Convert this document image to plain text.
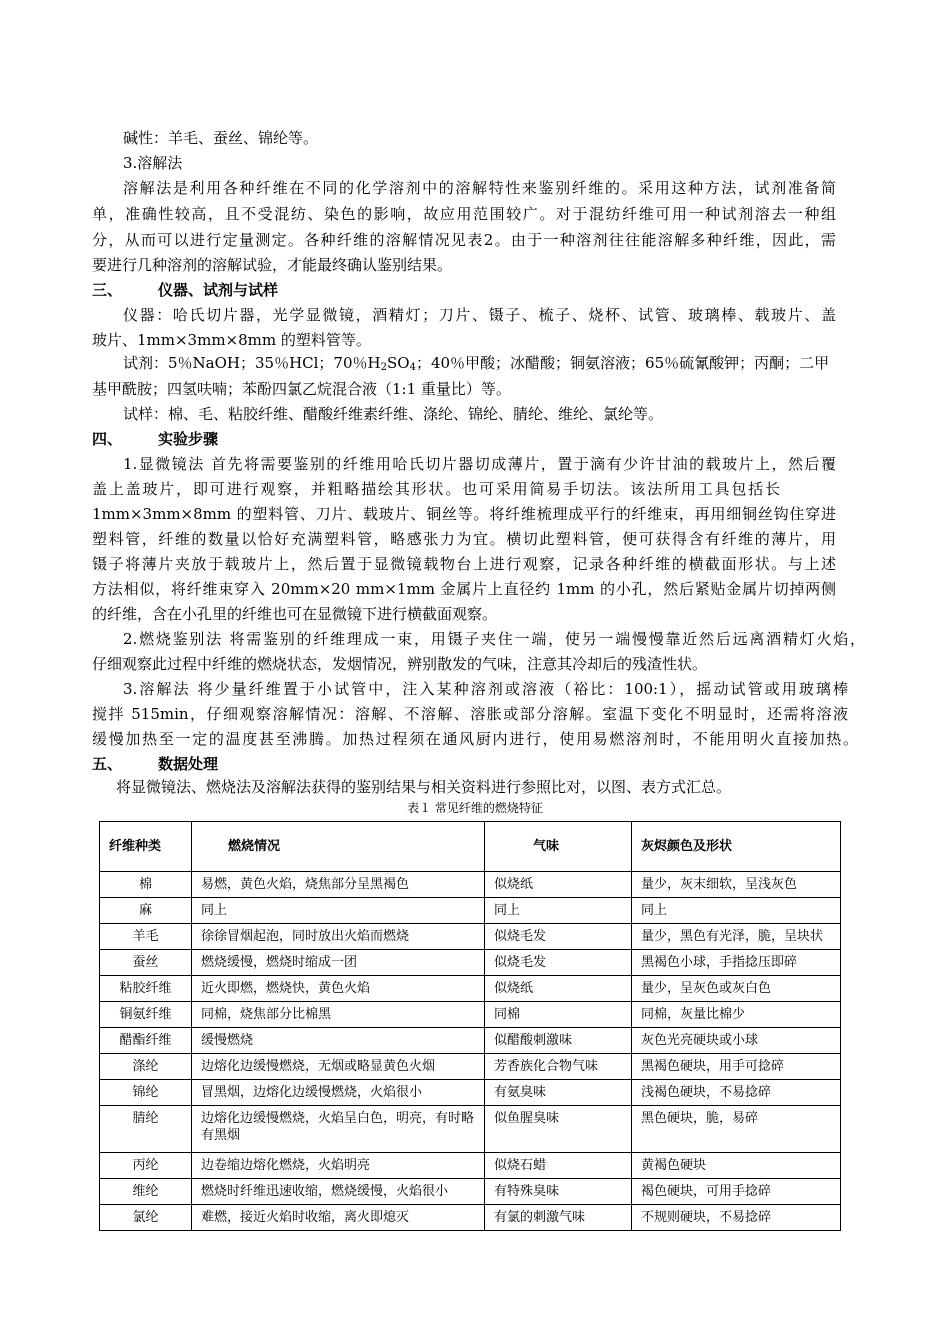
碱性：羊毛、蚕丝、锦纶等。
3.溶解法
溶解法是利用各种纤维在不同的化学溶剂中的溶解特性来鉴别纤维的。采用这种方法，试剂准备简
单，准确性较高，且不受混纺、染色的影响，故应用范围较广。对于混纺纤维可用一种试剂溶去一种组
分，从而可以进行定量测定。各种纤维的溶解情况见表2。由于一种溶剂往往能溶解多种纤维，因此，需
要进行几种溶剂的溶解试验，才能最终确认鉴别结果。
三、 仪器、试剂与试样
仪器：哈氏切片器，光学显微镜，酒精灯；刀片、镊子、梳子、烧杯、试管、玻璃棒、载玻片、盖
玻片、1mm×3mm×8mm 的塑料管等。
试剂：5％NaOH；35％HCl；70％$H_2SO_4$；40％甲酸；冰醋酸；铜氨溶液；65％硫氰酸钾；丙酮；二甲
基甲酰胺；四氢呋喃；苯酚四氯乙烷混合液（1:1 重量比）等。
试样：棉、毛、粘胶纤维、醋酸纤维素纤维、涤纶、锦纶、腈纶、维纶、氯纶等。
四、 实验步骤
1.显微镜法 首先将需要鉴别的纤维用哈氏切片器切成薄片，置于滴有少许甘油的载玻片上，然后覆
盖上盖玻片，即可进行观察，并粗略描绘其形状。也可采用简易手切法。该法所用工具包括长
1mm×3mm×8mm 的塑料管、刀片、载玻片、铜丝等。将纤维梳理成平行的纤维束，再用细铜丝钩住穿进
塑料管，纤维的数量以恰好充满塑料管，略感张力为宜。横切此塑料管，便可获得含有纤维的薄片，用
镊子将薄片夹放于载玻片上，然后置于显微镜载物台上进行观察，记录各种纤维的横截面形状。与上述
方法相似，将纤维束穿入 20mm×20 mm×1mm 金属片上直径约 1mm 的小孔，然后紧贴金属片切掉两侧
的纤维，含在小孔里的纤维也可在显微镜下进行横截面观察。
2.燃烧鉴别法 将需鉴别的纤维理成一束，用镊子夹住一端，使另一端慢慢靠近然后远离酒精灯火焰，
仔细观察此过程中纤维的燃烧状态，发烟情况，辨别散发的气味，注意其冷却后的残渣性状。
3.溶解法 将少量纤维置于小试管中，注入某种溶剂或溶液（裕比：100:1），摇动试管或用玻璃棒
搅拌 515min，仔细观察溶解情况：溶解、不溶解、溶胀或部分溶解。室温下变化不明显时，还需将溶液
缓慢加热至一定的温度甚至沸腾。加热过程须在通风厨内进行，使用易燃溶剂时，不能用明火直接加热。
五、 数据处理
将显微镜法、燃烧法及溶解法获得的鉴别结果与相关资料进行参照比对，以图、表方式汇总。
表１ 常见纤维的燃烧特征
纤维种类	燃烧情况	气味	灰烬颜色及形状
棉	易燃，黄色火焰，烧焦部分呈黑褐色	似烧纸	量少，灰末细软，呈浅灰色
麻	同上	同上	同上
羊毛	徐徐冒烟起泡，同时放出火焰而燃烧	似烧毛发	量少，黑色有光泽，脆，呈块状
蚕丝	燃烧缓慢，燃烧时缩成一团	似烧毛发	黑褐色小球，手指捻压即碎
粘胶纤维	近火即燃，燃烧快，黄色火焰	似烧纸	量少，呈灰色或灰白色
铜氨纤维	同棉，烧焦部分比棉黑	同棉	同棉，灰量比棉少
醋酯纤维	缓慢燃烧	似醋酸刺激味	灰色光亮硬块或小球
涤纶	边熔化边缓慢燃烧，无烟或略显黄色火烟	芳香族化合物气味	黑褐色硬块，用手可捻碎
锦纶	冒黑烟，边熔化边缓慢燃烧，火焰很小	有氨臭味	浅褐色硬块，不易捻碎
腈纶	边熔化边缓慢燃烧，火焰呈白色，明亮，有时略有黑烟	似鱼腥臭味	黑色硬块，脆，易碎
丙纶	边卷缩边熔化燃烧，火焰明亮	似烧石蜡	黄褐色硬块
维纶	燃烧时纤维迅速收缩，燃烧缓慢，火焰很小	有特殊臭味	褐色硬块，可用手捻碎
氯纶	难燃，接近火焰时收缩，离火即熄灭	有氯的刺激气味	不规则硬块，不易捻碎
